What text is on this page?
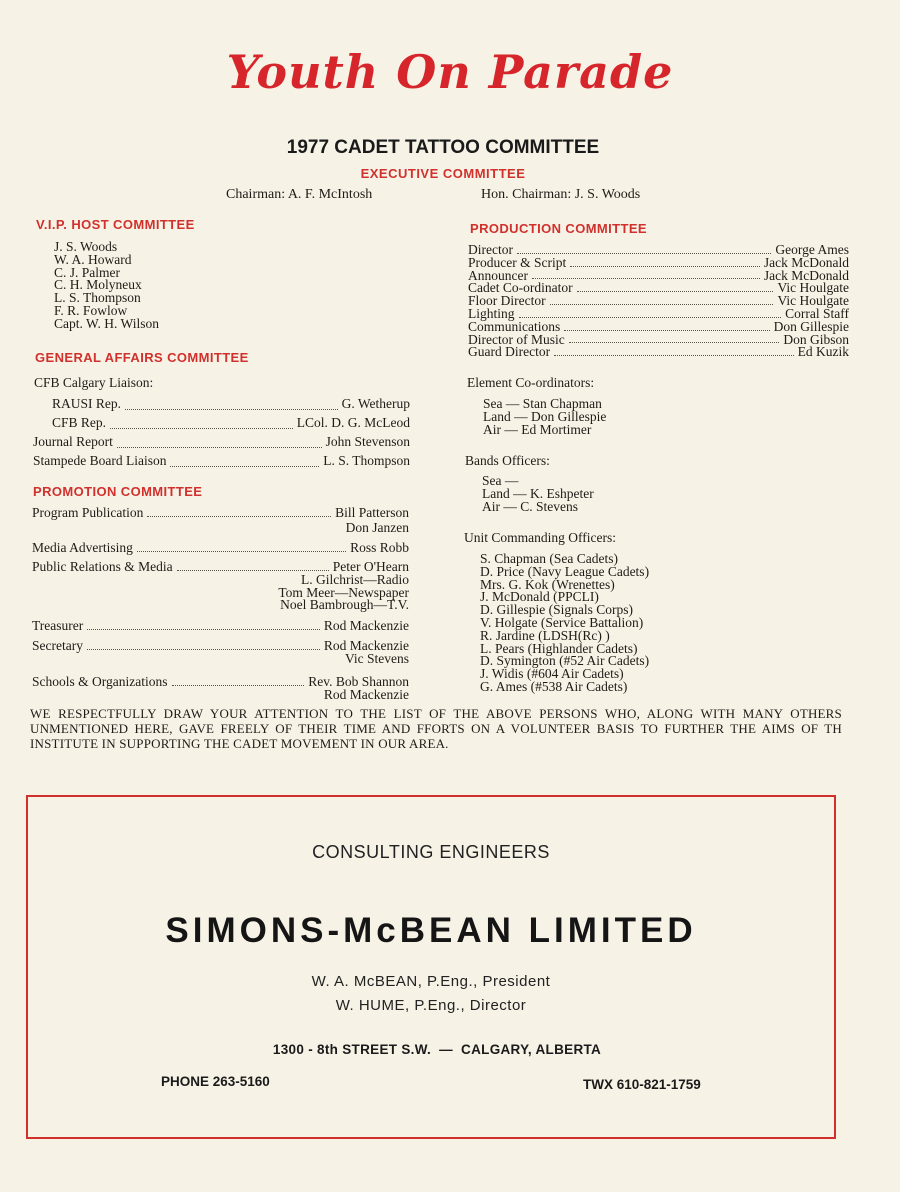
Youth On Parade
1977 CADET TATTOO COMMITTEE
EXECUTIVE COMMITTEE
Chairman: A. F. McIntosh	Hon. Chairman: J. S. Woods
V.I.P. HOST COMMITTEE
J. S. Woods
W. A. Howard
C. J. Palmer
C. H. Molyneux
L. S. Thompson
F. R. Fowlow
Capt. W. H. Wilson
GENERAL AFFAIRS COMMITTEE
CFB Calgary Liaison:
RAUSI Rep.	G. Wetherup
CFB Rep.	LCol. D. G. McLeod
Journal Report	John Stevenson
Stampede Board Liaison	L. S. Thompson
PROMOTION COMMITTEE
Program Publication	Bill Patterson
Don Janzen
Media Advertising	Ross Robb
Public Relations & Media	Peter O'Hearn
L. Gilchrist—Radio
Tom Meer—Newspaper
Noel Bambrough—T.V.
Treasurer	Rod Mackenzie
Secretary	Rod Mackenzie
Vic Stevens
Schools & Organizations	Rev. Bob Shannon
Rod Mackenzie
PRODUCTION COMMITTEE
Director	George Ames
Producer & Script	Jack McDonald
Announcer	Jack McDonald
Cadet Co-ordinator	Vic Houlgate
Floor Director	Vic Houlgate
Lighting	Corral Staff
Communications	Don Gillespie
Director of Music	Don Gibson
Guard Director	Ed Kuzik
Element Co-ordinators:
Sea — Stan Chapman
Land — Don Gillespie
Air — Ed Mortimer
Bands Officers:
Sea —
Land — K. Eshpeter
Air — C. Stevens
Unit Commanding Officers:
S. Chapman (Sea Cadets)
D. Price (Navy League Cadets)
Mrs. G. Kok (Wrenettes)
J. McDonald (PPCLI)
D. Gillespie (Signals Corps)
V. Holgate (Service Battalion)
R. Jardine (LDSH(Rc) )
L. Pears (Highlander Cadets)
D. Symington (#52 Air Cadets)
J. Widis (#604 Air Cadets)
G. Ames (#538 Air Cadets)
WE RESPECTFULLY DRAW YOUR ATTENTION TO THE LIST OF THE ABOVE PERSONS WHO, ALONG WITH MANY OTHERS UNMENTIONED HERE, GAVE FREELY OF THEIR TIME AND FFORTS ON A VOLUNTEER BASIS TO FURTHER THE AIMS OF TH INSTITUTE IN SUPPORTING THE CADET MOVEMENT IN OUR AREA.
CONSULTING ENGINEERS
SIMONS-McBEAN LIMITED
W. A. McBEAN, P.Eng., President
W. HUME, P.Eng., Director
1300 - 8th STREET S.W.  —  CALGARY, ALBERTA
PHONE 263-5160	TWX 610-821-1759
